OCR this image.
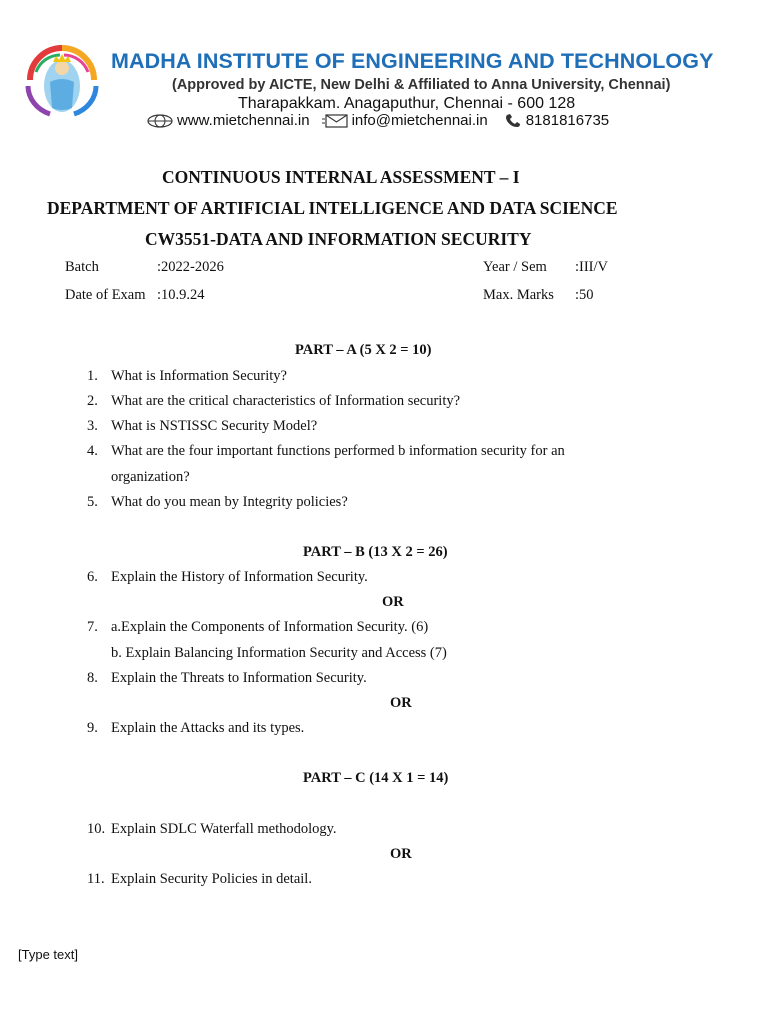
MADHA INSTITUTE OF ENGINEERING AND TECHNOLOGY
(Approved by AICTE, New Delhi & Affiliated to Anna University, Chennai)
Tharapakkam. Anagaputhur, Chennai - 600 128
www.mietchennai.in	info@mietchennai.in	8181816735
CONTINUOUS INTERNAL ASSESSMENT – I
DEPARTMENT OF ARTIFICIAL INTELLIGENCE AND DATA SCIENCE
CW3551-DATA AND INFORMATION SECURITY
Batch	:2022-2026	Year / Sem :III/V
Date of Exam :10.9.24	Max. Marks :50
PART – A (5 X 2 = 10)
1. What is Information Security?
2. What are the critical characteristics of Information security?
3. What is NSTISSC Security Model?
4. What are the four important functions performed b information security for an
organization?
5. What do you mean by Integrity policies?
PART – B (13 X 2 = 26)
6. Explain the History of Information Security.
OR
7. a.Explain the Components of Information Security. (6)
b. Explain Balancing Information Security and Access (7)
8. Explain the Threats to Information Security.
OR
9. Explain the Attacks and its types.
PART – C (14 X 1 = 14)
10. Explain SDLC Waterfall methodology.
OR
11. Explain Security Policies in detail.
[Type text]
